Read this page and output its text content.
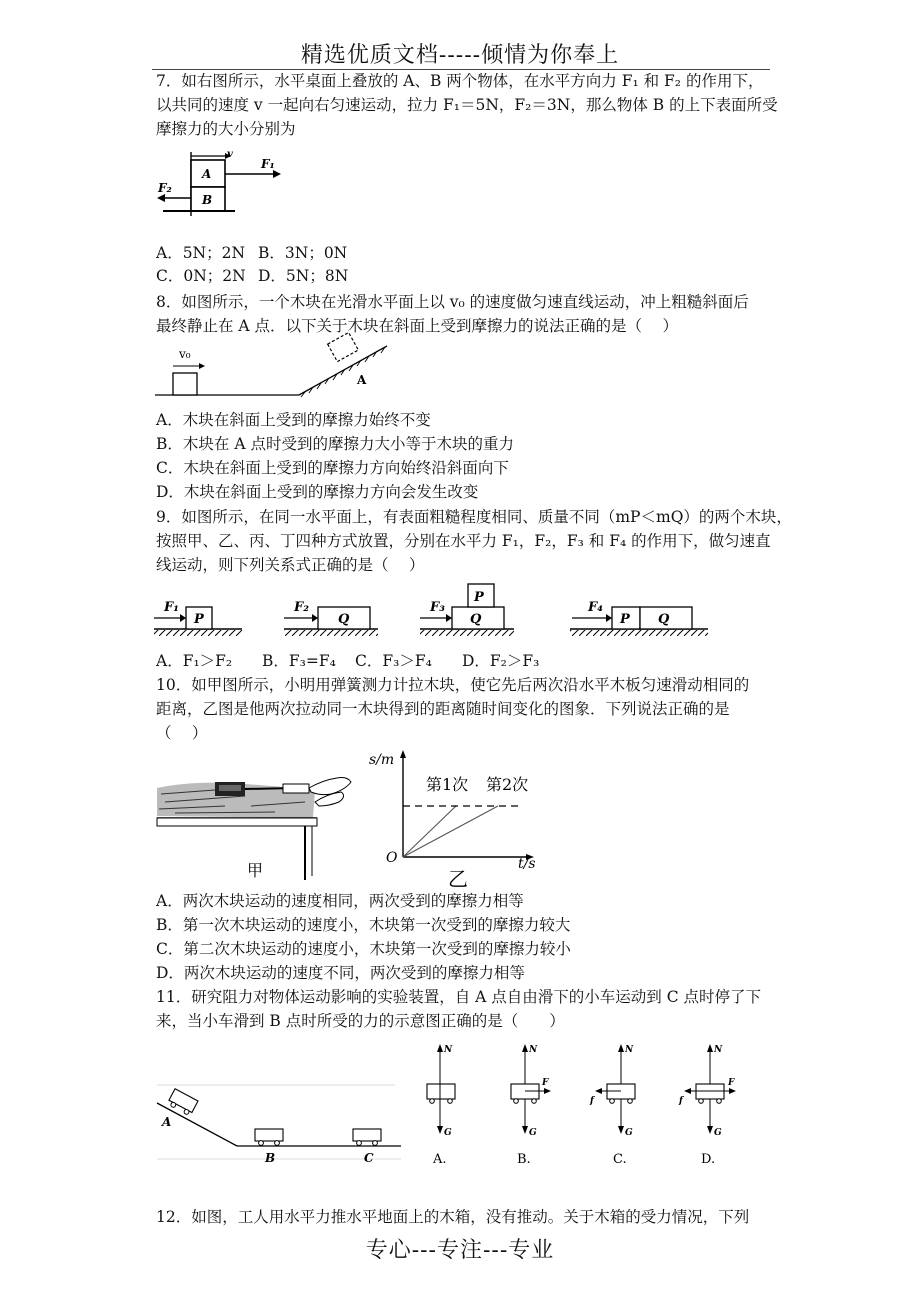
精选优质文档-----倾情为你奉上
7．如右图所示，水平桌面上叠放的 A、B 两个物体，在水平方向力 F₁ 和 F₂ 的作用下，
以共同的速度 v 一起向右匀速运动，拉力 F₁＝5N，F₂＝3N，那么物体 B 的上下表面所受
摩擦力的大小分别为
v
F₁
F₂
A
B
A．5N；2N B．3N；0N
C．0N；2N D．5N；8N
8．如图所示，一个木块在光滑水平面上以 v₀ 的速度做匀速直线运动，冲上粗糙斜面后
最终静止在 A 点．以下关于木块在斜面上受到摩擦力的说法正确的是（　 ）
v₀
A
A．木块在斜面上受到的摩擦力始终不变
B．木块在 A 点时受到的摩擦力大小等于木块的重力
C．木块在斜面上受到的摩擦力方向始终沿斜面向下
D．木块在斜面上受到的摩擦力方向会发生改变
9．如图所示，在同一水平面上，有表面粗糙程度相同、质量不同（mP＜mQ）的两个木块，
按照甲、乙、丙、丁四种方式放置，分别在水平力 F₁，F₂，F₃ 和 F₄ 的作用下，做匀速直
线运动，则下列关系式正确的是（　 ）
F₁
P
F₂
Q
F₃
P
Q
F₄
P Q
A．F₁＞F₂ B．F₃=F₄ C．F₃＞F₄ D．F₂＞F₃
10．如甲图所示，小明用弹簧测力计拉木块，使它先后两次沿水平木板匀速滑动相同的
距离，乙图是他两次拉动同一木块得到的距离随时间变化的图象．下列说法正确的是
（　 ）
甲
s/m
t/s
O
第1次 第2次
乙
A．两次木块运动的速度相同，两次受到的摩擦力相等
B．第一次木块运动的速度小，木块第一次受到的摩擦力较大
C．第二次木块运动的速度小，木块第一次受到的摩擦力较小
D．两次木块运动的速度不同，两次受到的摩擦力相等
11．研究阻力对物体运动影响的实验装置，自 A 点自由滑下的小车运动到 C 点时停了下
来，当小车滑到 B 点时所受的力的示意图正确的是（　　）
A
B	C
N
G
A.
N
F
G
B.
N
f
G
C.
N
F
f
G
D.
12．如图，工人用水平力推水平地面上的木箱，没有推动。关于木箱的受力情况，下列
专心---专注---专业
